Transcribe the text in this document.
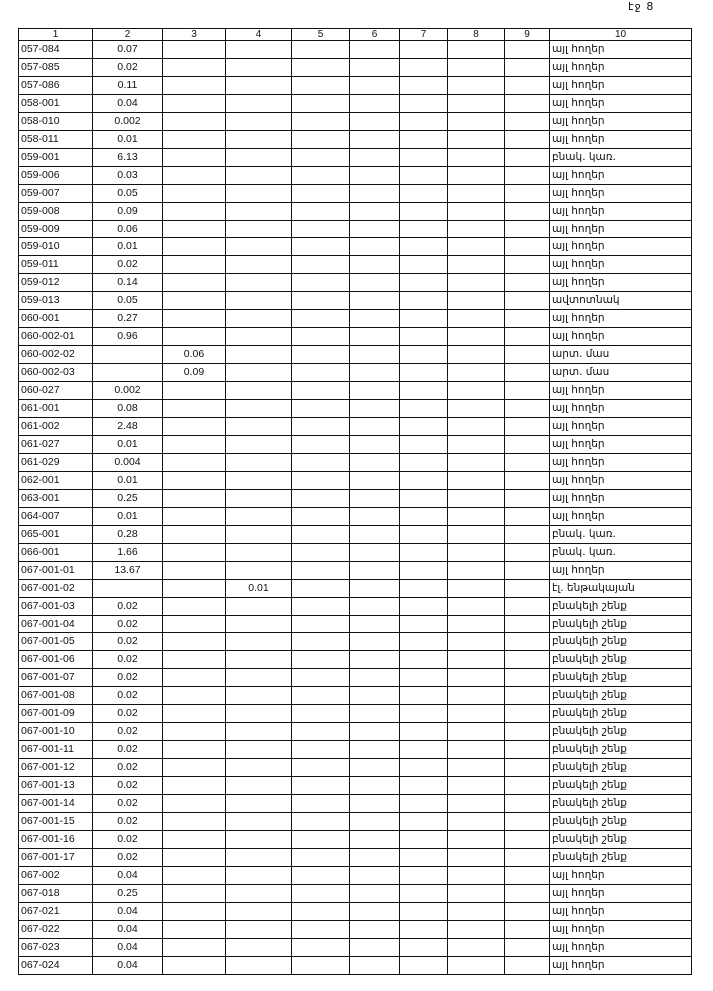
էջ 8
1	2	3	4	5	6	7	8	9	10
057-084	0.07								այլ հողեր
057-085	0.02								այլ հողեր
057-086	0.11								այլ հողեր
058-001	0.04								այլ հողեր
058-010	0.002								այլ հողեր
058-011	0.01								այլ հողեր
059-001	6.13								բնակ. կառ.
059-006	0.03								այլ հողեր
059-007	0.05								այլ հողեր
059-008	0.09								այլ հողեր
059-009	0.06								այլ հողեր
059-010	0.01								այլ հողեր
059-011	0.02								այլ հողեր
059-012	0.14								այլ հողեր
059-013	0.05								ավտոտնակ
060-001	0.27								այլ հողեր
060-002-01	0.96								այլ հողեր
060-002-02		0.06							արտ. մաս
060-002-03		0.09							արտ. մաս
060-027	0.002								այլ հողեր
061-001	0.08								այլ հողեր
061-002	2.48								այլ հողեր
061-027	0.01								այլ հողեր
061-029	0.004								այլ հողեր
062-001	0.01								այլ հողեր
063-001	0.25								այլ հողեր
064-007	0.01								այլ հողեր
065-001	0.28								բնակ. կառ.
066-001	1.66								բնակ. կառ.
067-001-01	13.67								այլ հողեր
067-001-02			0.01						էլ. ենթակայան
067-001-03	0.02								բնակելի շենք
067-001-04	0.02								բնակելի շենք
067-001-05	0.02								բնակելի շենք
067-001-06	0.02								բնակելի շենք
067-001-07	0.02								բնակելի շենք
067-001-08	0.02								բնակելի շենք
067-001-09	0.02								բնակելի շենք
067-001-10	0.02								բնակելի շենք
067-001-11	0.02								բնակելի շենք
067-001-12	0.02								բնակելի շենք
067-001-13	0.02								բնակելի շենք
067-001-14	0.02								բնակելի շենք
067-001-15	0.02								բնակելի շենք
067-001-16	0.02								բնակելի շենք
067-001-17	0.02								բնակելի շենք
067-002	0.04								այլ հողեր
067-018	0.25								այլ հողեր
067-021	0.04								այլ հողեր
067-022	0.04								այլ հողեր
067-023	0.04								այլ հողեր
067-024	0.04								այլ հողեր
